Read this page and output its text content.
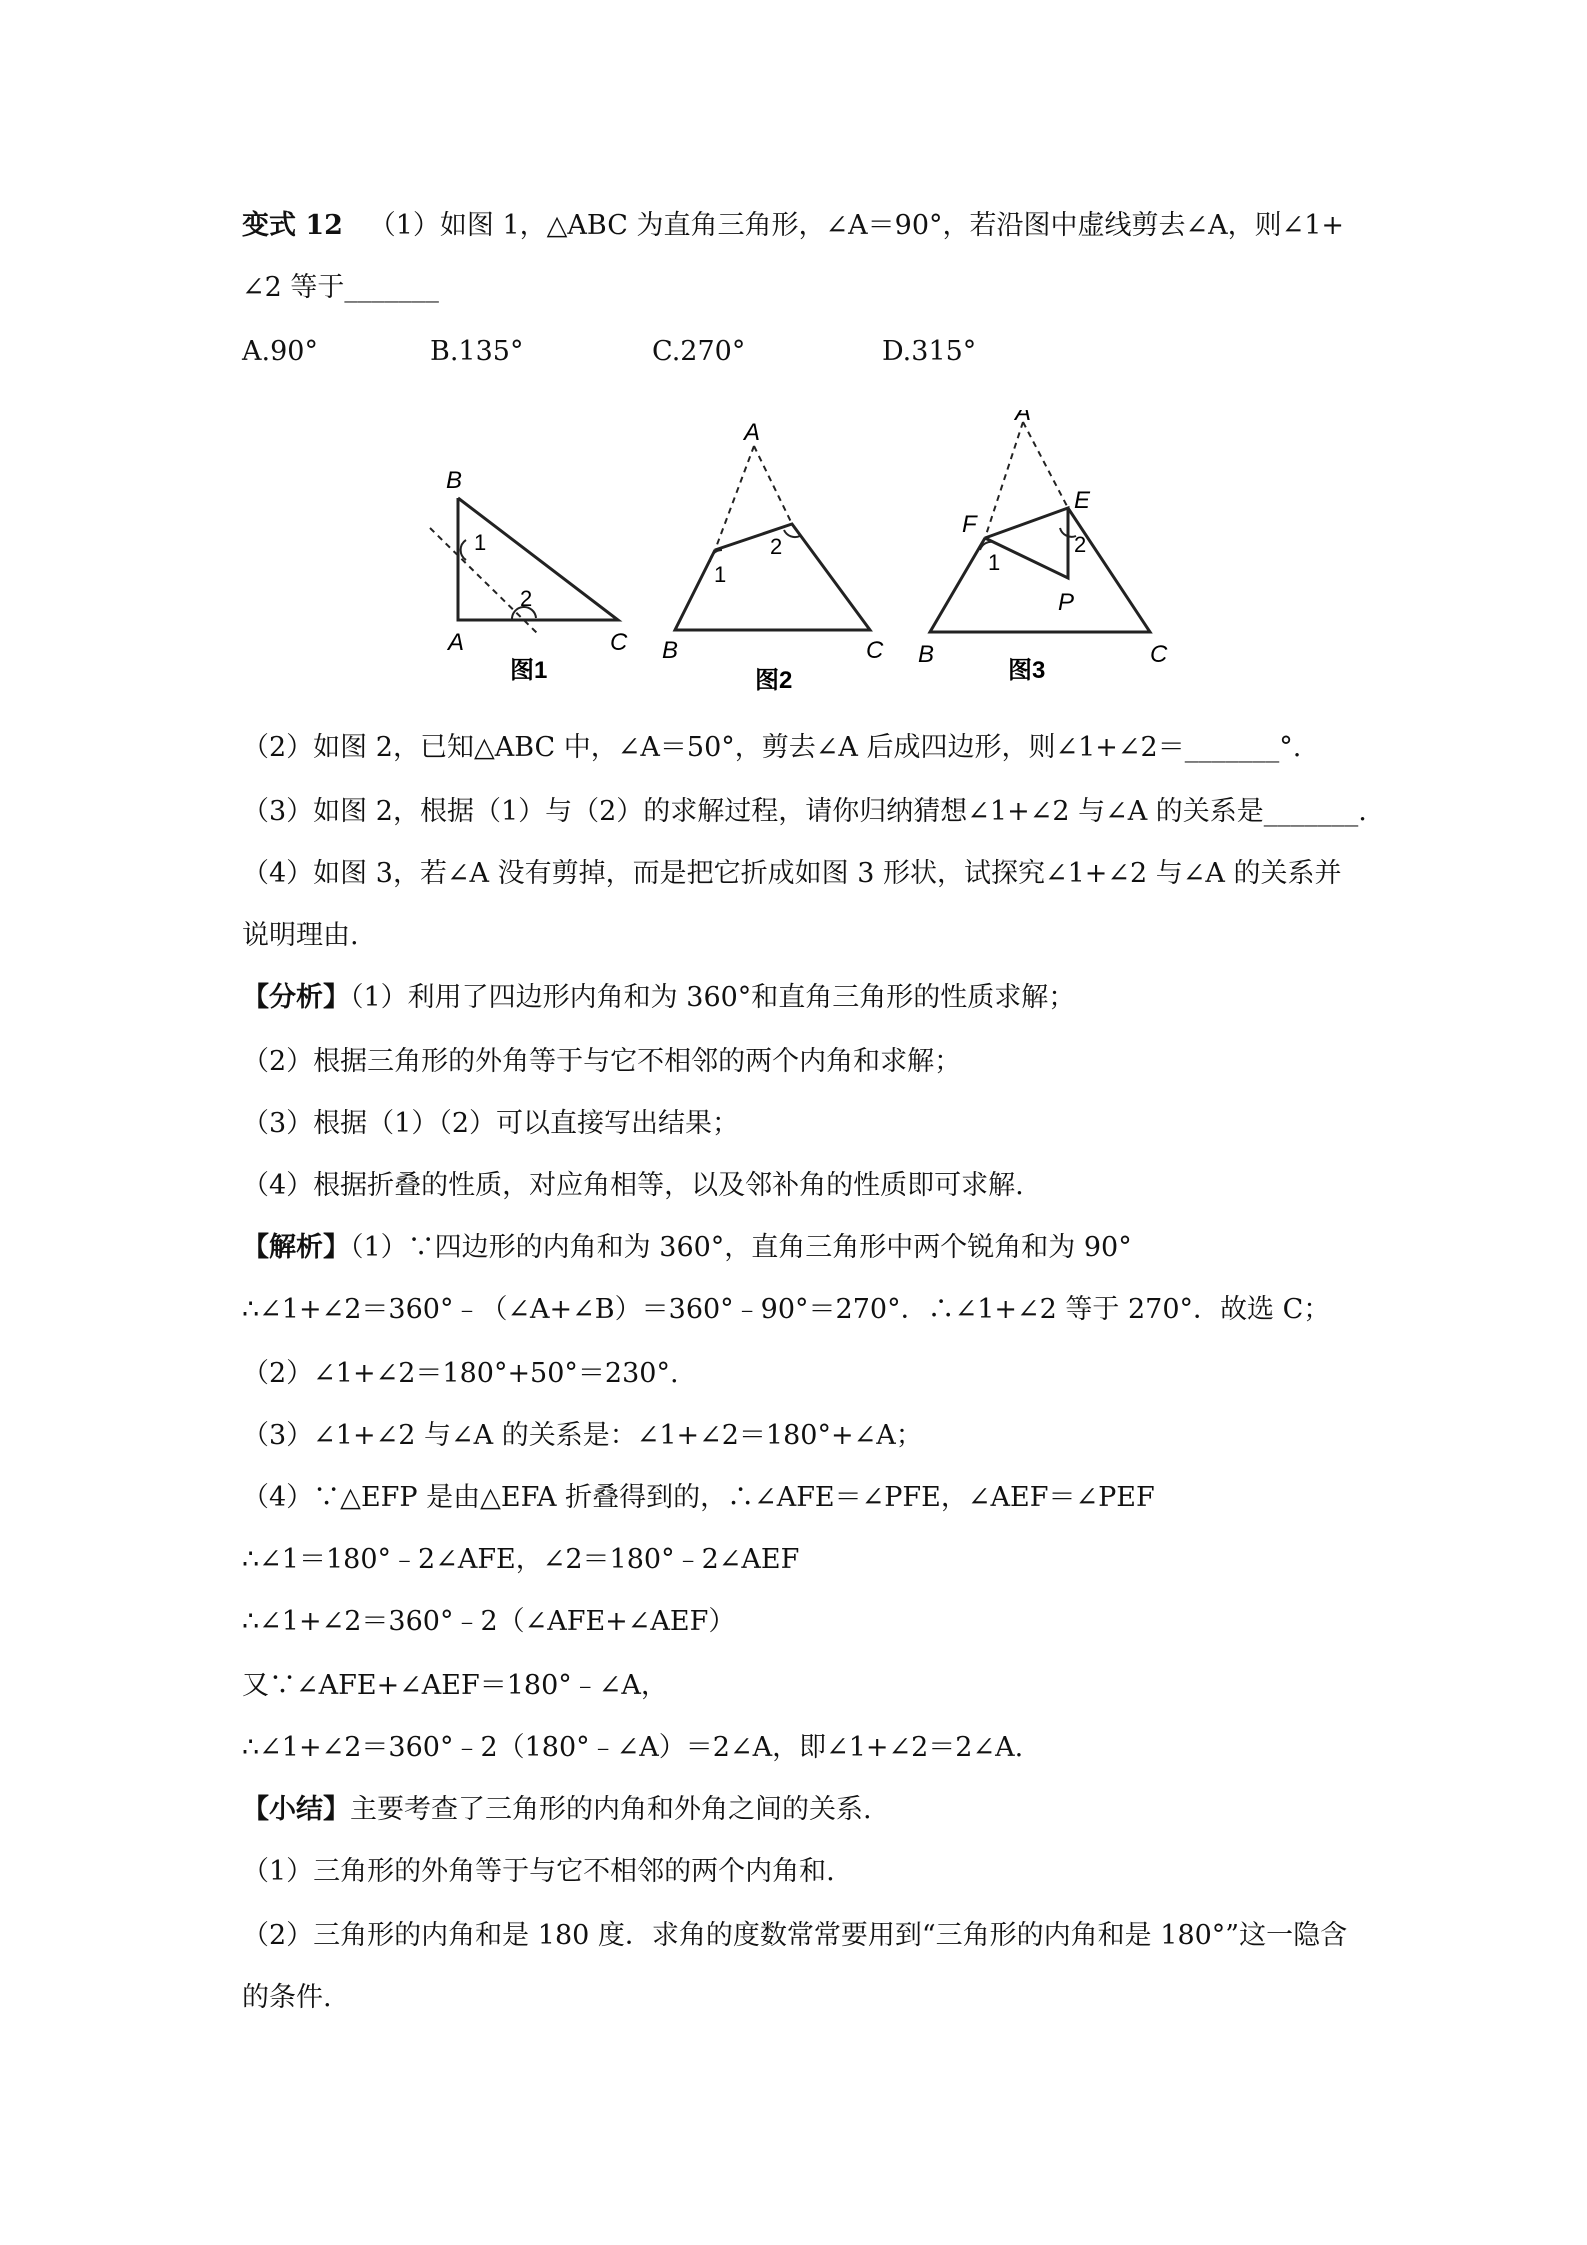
变式 12 （1）如图 1，△ABC 为直角三角形，∠A＝90°，若沿图中虚线剪去∠A，则∠1+
∠2 等于_______
A.90°	B.135°	C.270°	D.315°
B
A	C
1
2
图1
A
B	C
1
2
图2
A
E
F
P
B	C
1
2
图3
（2）如图 2，已知△ABC 中，∠A＝50°，剪去∠A 后成四边形，则∠1+∠2＝_______°.
（3）如图 2，根据（1）与（2）的求解过程，请你归纳猜想∠1+∠2 与∠A 的关系是_______.
（4）如图 3，若∠A 没有剪掉，而是把它折成如图 3 形状，试探究∠1+∠2 与∠A 的关系并
说明理由.
【分析】（1）利用了四边形内角和为 360°和直角三角形的性质求解；
（2）根据三角形的外角等于与它不相邻的两个内角和求解；
（3）根据（1）（2）可以直接写出结果；
（4）根据折叠的性质，对应角相等，以及邻补角的性质即可求解.
【解析】（1）∵四边形的内角和为 360°，直角三角形中两个锐角和为 90°
∴∠1+∠2＝360°﹣（∠A+∠B）＝360°﹣90°＝270°．∴∠1+∠2 等于 270°．故选 C；
（2）∠1+∠2＝180°+50°＝230°.
（3）∠1+∠2 与∠A 的关系是：∠1+∠2＝180°+∠A；
（4）∵△EFP 是由△EFA 折叠得到的，∴∠AFE＝∠PFE，∠AEF＝∠PEF
∴∠1＝180°﹣2∠AFE，∠2＝180°﹣2∠AEF
∴∠1+∠2＝360°﹣2（∠AFE+∠AEF）
又∵∠AFE+∠AEF＝180°﹣∠A，
∴∠1+∠2＝360°﹣2（180°﹣∠A）＝2∠A，即∠1+∠2＝2∠A.
【小结】主要考查了三角形的内角和外角之间的关系.
（1）三角形的外角等于与它不相邻的两个内角和.
（2）三角形的内角和是 180 度．求角的度数常常要用到“三角形的内角和是 180°”这一隐含
的条件.
